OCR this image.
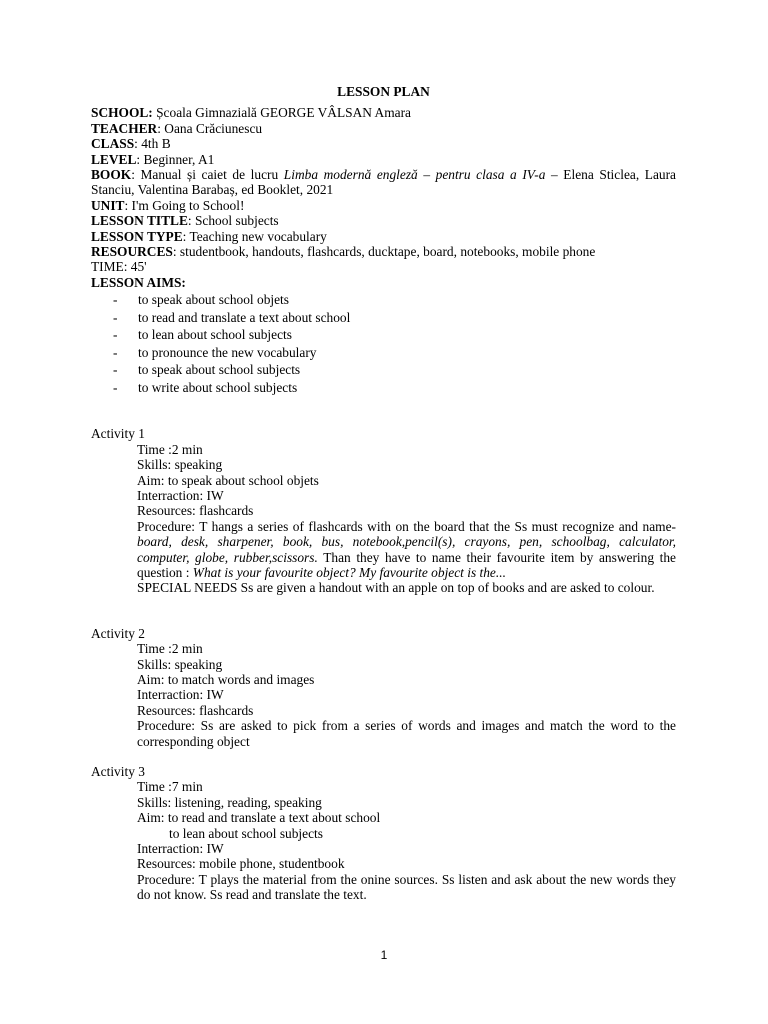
LESSON PLAN
SCHOOL: Școala Gimnazială GEORGE VÂLSAN Amara
TEACHER: Oana Crăciunescu
CLASS: 4th B
LEVEL: Beginner, A1
BOOK: Manual și caiet de lucru Limba modernă engleză – pentru clasa a IV-a – Elena Sticlea, Laura Stanciu, Valentina Barabaș, ed Booklet, 2021
UNIT: I'm Going to School!
LESSON TITLE: School subjects
LESSON TYPE: Teaching new vocabulary
RESOURCES: studentbook, handouts, flashcards, ducktape, board, notebooks, mobile phone
TIME: 45'
LESSON AIMS:
- to speak about school objets
- to read and translate a text about school
- to lean about school subjects
- to pronounce the new vocabulary
- to speak about school subjects
- to write about school subjects
Activity 1
Time :2 min
Skills: speaking
Aim: to speak about school objets
Interraction: IW
Resources: flashcards
Procedure: T hangs a series of flashcards with on the board that the Ss must recognize and name- board, desk, sharpener, book, bus, notebook,pencil(s), crayons, pen, schoolbag, calculator, computer, globe, rubber,scissors. Than they have to name their favourite item by answering the question : What is your favourite object? My favourite object is the...
SPECIAL NEEDS Ss are given a handout with an apple on top of books and are asked to colour.
Activity 2
Time :2 min
Skills: speaking
Aim: to match words and images
Interraction: IW
Resources: flashcards
Procedure: Ss are asked to pick from a series of words and images and match the word to the corresponding object
Activity 3
Time :7 min
Skills: listening, reading, speaking
Aim: to read and translate a text about school
to lean about school subjects
Interraction: IW
Resources: mobile phone, studentbook
Procedure: T plays the material from the onine sources. Ss listen and ask about the new words they do not know. Ss read and translate the text.
1
